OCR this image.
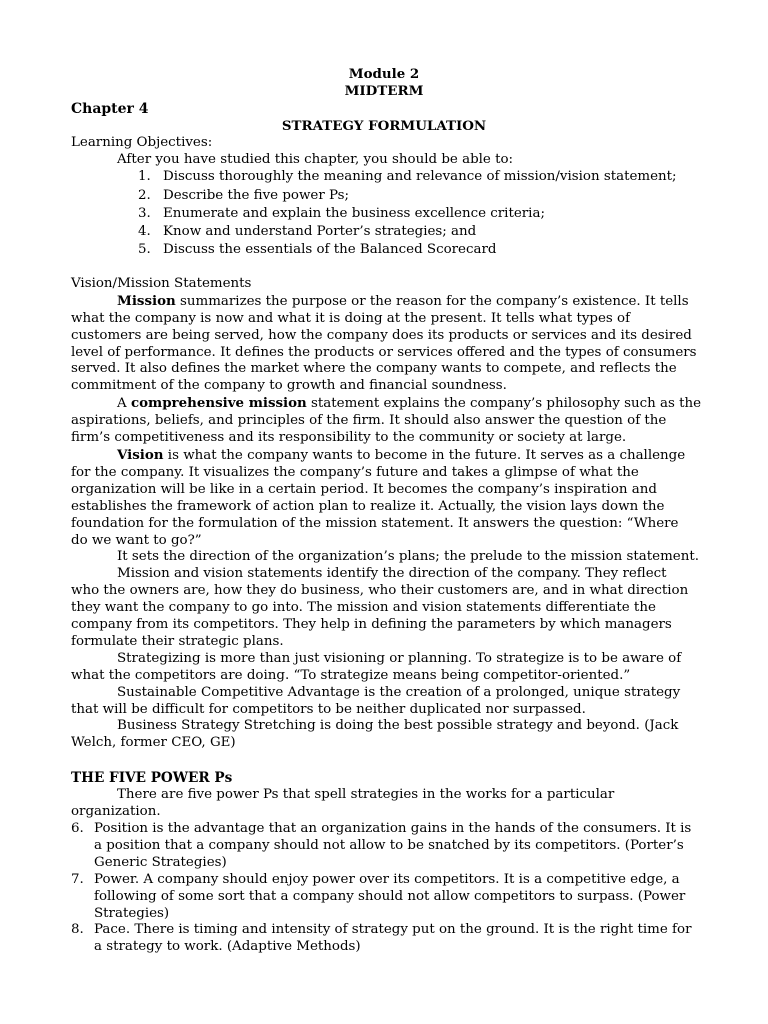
Module 2
MIDTERM
Chapter 4
STRATEGY FORMULATION
Learning Objectives:
After you have studied this chapter, you should be able to:
1. Discuss thoroughly the meaning and relevance of mission/vision statement;
2. Describe the five power Ps;
3. Enumerate and explain the business excellence criteria;
4. Know and understand Porter’s strategies; and
5. Discuss the essentials of the Balanced Scorecard
Vision/Mission Statements
Mission summarizes the purpose or the reason for the company’s existence. It tells
what the company is now and what it is doing at the present. It tells what types of
customers are being served, how the company does its products or services and its desired
level of performance. It defines the products or services offered and the types of consumers
served. It also defines the market where the company wants to compete, and reflects the
commitment of the company to growth and financial soundness.
A comprehensive mission statement explains the company’s philosophy such as the
aspirations, beliefs, and principles of the firm. It should also answer the question of the
firm’s competitiveness and its responsibility to the community or society at large.
Vision is what the company wants to become in the future. It serves as a challenge
for the company. It visualizes the company’s future and takes a glimpse of what the
organization will be like in a certain period. It becomes the company’s inspiration and
establishes the framework of action plan to realize it. Actually, the vision lays down the
foundation for the formulation of the mission statement. It answers the question: “Where
do we want to go?”
It sets the direction of the organization’s plans; the prelude to the mission statement.
Mission and vision statements identify the direction of the company. They reflect
who the owners are, how they do business, who their customers are, and in what direction
they want the company to go into. The mission and vision statements differentiate the
company from its competitors. They help in defining the parameters by which managers
formulate their strategic plans.
Strategizing is more than just visioning or planning. To strategize is to be aware of
what the competitors are doing. “To strategize means being competitor-oriented.”
Sustainable Competitive Advantage is the creation of a prolonged, unique strategy
that will be difficult for competitors to be neither duplicated nor surpassed.
Business Strategy Stretching is doing the best possible strategy and beyond. (Jack
Welch, former CEO, GE)
THE FIVE POWER Ps
There are five power Ps that spell strategies in the works for a particular
organization.
6. Position is the advantage that an organization gains in the hands of the consumers. It is
a position that a company should not allow to be snatched by its competitors. (Porter’s
Generic Strategies)
7. Power. A company should enjoy power over its competitors. It is a competitive edge, a
following of some sort that a company should not allow competitors to surpass. (Power
Strategies)
8. Pace. There is timing and intensity of strategy put on the ground. It is the right time for
a strategy to work. (Adaptive Methods)
